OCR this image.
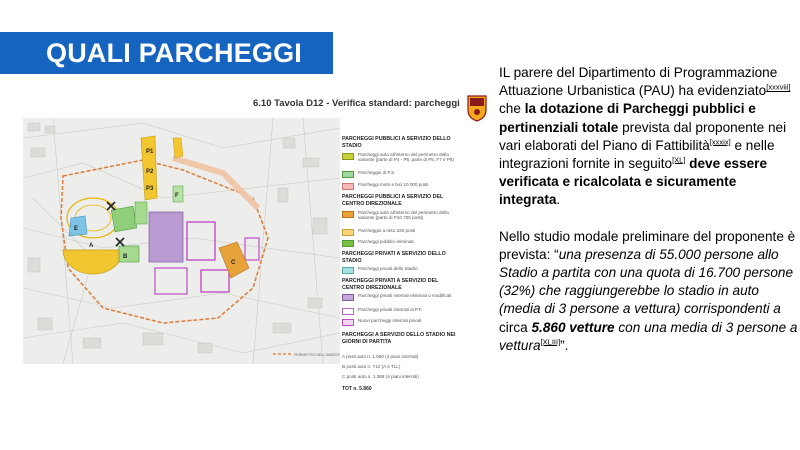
QUALI PARCHEGGI
6.10 Tavola D12 - Verifica standard: parcheggi
A
B
C
E
F
P1
P2
P3
PERIMETRO DELL'AMBITO
PARCHEGGI PUBBLICI A SERVIZIO DELLO STADIO
Parcheggi auto all'interno del perimetro della variante (parte di P4 - P6, parte di P5, F7 e P8)
Parcheggio di P.S.
Parcheggi moto e bici 10.000 posti
PARCHEGGI PUBBLICI A SERVIZIO DEL CENTRO DIREZIONALE
Parcheggi auto all'interno del perimetro della variante (parte di P10 700 posti)
Parcheggio a raso 320 posti
Parcheggi pubblici eliminati
PARCHEGGI PRIVATI A SERVIZIO DELLO STADIO
Parcheggi privati dello Stadio
PARCHEGGI PRIVATI A SERVIZIO DEL CENTRO DIREZIONALE
Parcheggi privati interrati eliminati o modificati
Parcheggi privati interrati al P.F.
Nuovi parcheggi interrati privati
PARCHEGGI A SERVIZIO DELLO STADIO NEI GIORNI DI PARTITA
A posti auto n. 1.580 (4 piani interrati)
B posti auto n. 712 (A e TLL)
C posti auto n. 1.368 (4 piani interrati)
TOT n. 5.860

IL parere del Dipartimento di Programmazione Attuazione Urbanistica (PAU) ha evidenziato[xxxviii] che la dotazione di Parcheggi pubblici e pertinenziali totale prevista dal proponente nei vari elaborati del Piano di Fattibilità[xxxix] e nelle integrazioni fornite in seguito[XL] deve essere verificata e ricalcolata e sicuramente integrata.

Nello studio modale preliminare del proponente è prevista: “una presenza di 55.000 persone allo Stadio a partita con una quota di 16.700 persone (32%) che raggiungerebbe lo stadio in auto (media di 3 persone a vettura) corrispondenti a circa 5.860 vetture con una media di 3 persone a vettura[XLIII]”.
